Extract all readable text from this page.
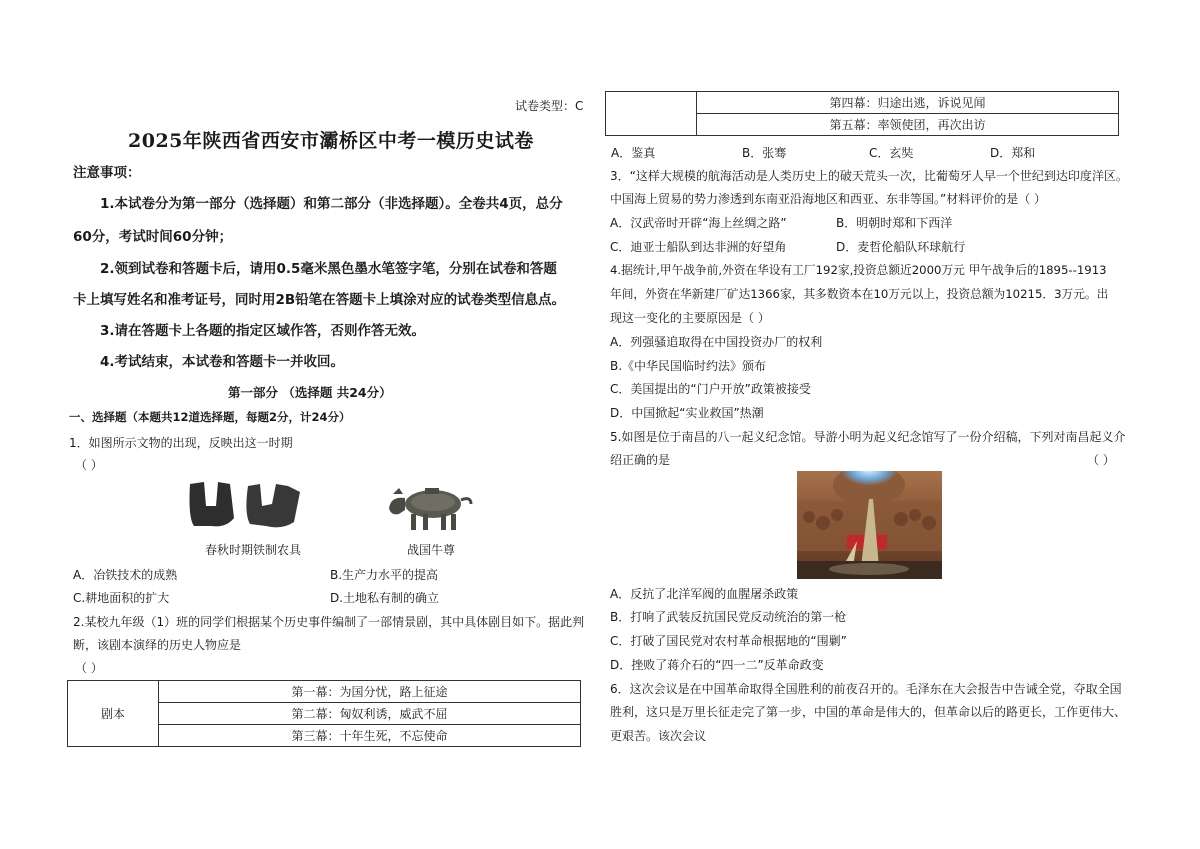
试卷类型：C
2025年陕西省西安市灞桥区中考一模历史试卷
注意事项：
1.本试卷分为第一部分（选择题）和第二部分（非选择题）。全卷共4页，总分
60分，考试时间60分钟；
2.领到试卷和答题卡后，请用0.5毫米黑色墨水笔签字笔，分别在试卷和答题
卡上填写姓名和准考证号，同时用2B铅笔在答题卡上填涂对应的试卷类型信息点。
3.请在答题卡上各题的指定区域作答，否则作答无效。
4.考试结束，本试卷和答题卡一并收回。
第一部分 （选择题 共24分）
一、选择题（本题共12道选择题，每题2分，计24分）
1．如图所示文物的出现，反映出这一时期
（ ）
春秋时期铁制农具	战国牛尊
A．冶铁技术的成熟	B.生产力水平的提高
C.耕地面积的扩大	D.土地私有制的确立
2.某校九年级（1）班的同学们根据某个历史事件编制了一部情景剧，其中具体剧目如下。据此判
断，该剧本演绎的历史人物应是
（ ）
剧本	第一幕：为国分忧，路上征途
第二幕：匈奴利诱，威武不屈
第三幕：十年生死，不忘使命
	第四幕：归途出逃，诉说见闻
第五幕：率领使团，再次出访
A．鉴真	B．张骞	C．玄奘	D．郑和
3．“这样大规模的航海活动是人类历史上的破天荒头一次，比葡萄牙人早一个世纪到达印度洋区。
中国海上贸易的势力渗透到东南亚沿海地区和西亚、东非等国。”材料评价的是（ ）
A．汉武帝时开辟“海上丝绸之路”	B．明朝时郑和下西洋
C．迪亚士船队到达非洲的好望角	D．麦哲伦船队环球航行
4.据统计,甲午战争前,外资在华设有工厂192家,投资总额近2000万元 甲午战争后的1895--1913
年间，外资在华新建厂矿达1366家，其多数资本在10万元以上，投资总额为10215．3万元。出
现这一变化的主要原因是（ ）
A．列强骚追取得在中国投资办厂的权利
B.《中华民国临时约法》颁布
C．美国提出的“门户开放”政策被接受
D．中国掀起“实业救国”热潮
5.如图是位于南昌的八一起义纪念馆。导游小明为起义纪念馆写了一份介绍稿，下列对南昌起义介
绍正确的是	（ ）
A．反抗了北洋军阀的血腥屠杀政策
B．打响了武装反抗国民党反动统治的第一枪
C．打破了国民党对农村革命根据地的“围剿”
D．挫败了蒋介石的“四一二”反革命政变
6．这次会议是在中国革命取得全国胜利的前夜召开的。毛泽东在大会报告中告诫全党，夺取全国
胜利，这只是万里长征走完了第一步，中国的革命是伟大的，但革命以后的路更长，工作更伟大、
更艰苦。该次会议
